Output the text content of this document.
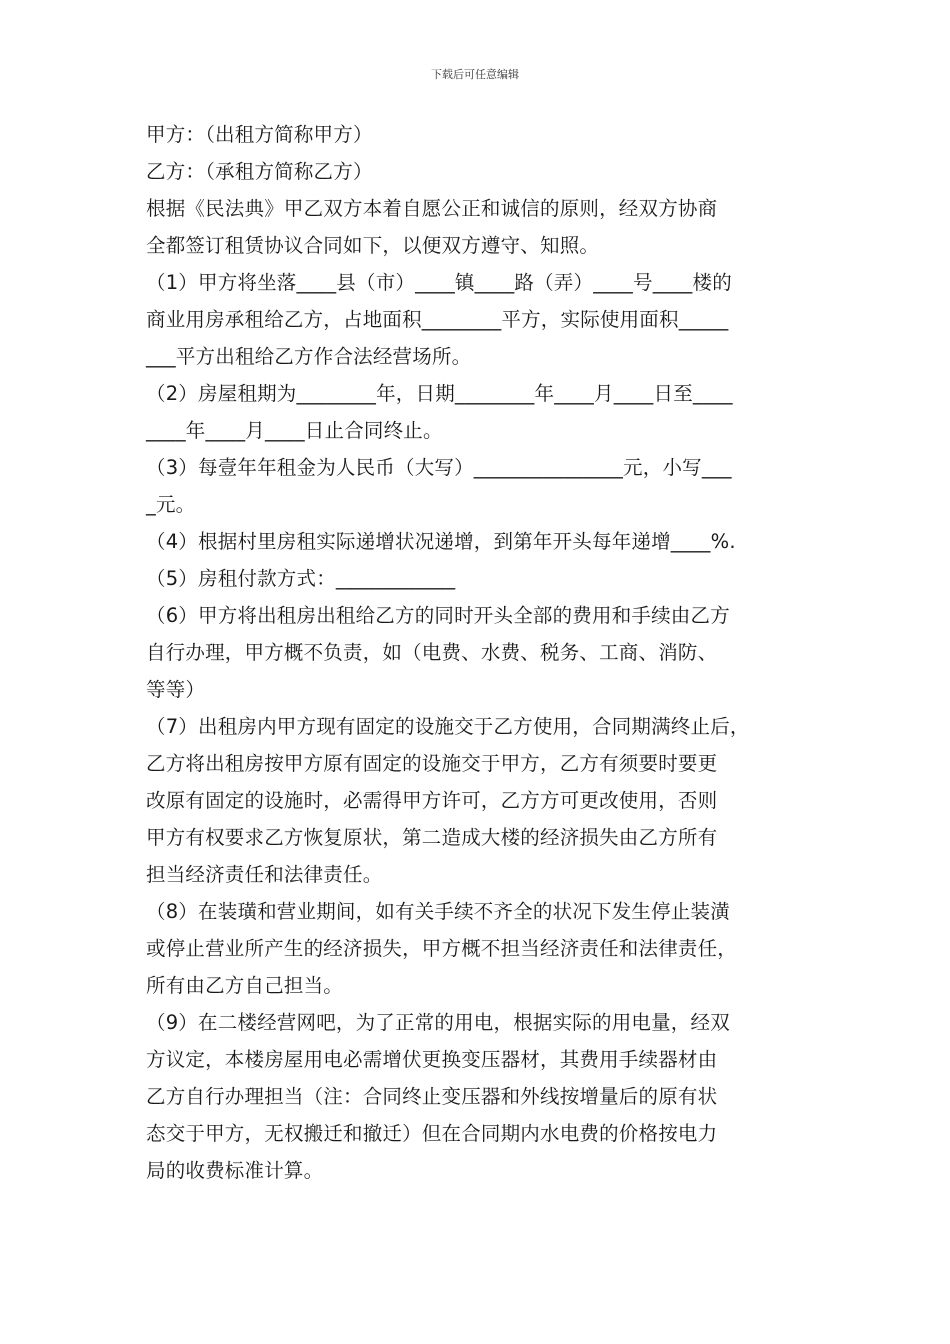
下载后可任意编辑
甲方：（出租方简称甲方）
乙方：（承租方简称乙方）
根据《民法典》甲乙双方本着自愿公正和诚信的原则，经双方协商
全都签订租赁协议合同如下，以便双方遵守、知照。
（1）甲方将坐落____县（市）____镇____路（弄）____号____楼的
商业用房承租给乙方，占地面积________平方，实际使用面积_____
___平方出租给乙方作合法经营场所。
（2）房屋租期为________年，日期________年____月____日至____
____年____月____日止合同终止。
（3）每壹年年租金为人民币（大写）_______________元，小写___
_元。
（4）根据村里房租实际递增状况递增，到第年开头每年递增____%.
（5）房租付款方式：____________
（6）甲方将出租房出租给乙方的同时开头全部的费用和手续由乙方
自行办理，甲方概不负责，如（电费、水费、税务、工商、消防、
等等）
（7）出租房内甲方现有固定的设施交于乙方使用，合同期满终止后，
乙方将出租房按甲方原有固定的设施交于甲方，乙方有须要时要更
改原有固定的设施时，必需得甲方许可，乙方方可更改使用，否则
甲方有权要求乙方恢复原状，第二造成大楼的经济损失由乙方所有
担当经济责任和法律责任。
（8）在装璜和营业期间，如有关手续不齐全的状况下发生停止装潢
或停止营业所产生的经济损失，甲方概不担当经济责任和法律责任，
所有由乙方自己担当。
（9）在二楼经营网吧，为了正常的用电，根据实际的用电量，经双
方议定，本楼房屋用电必需增伏更换变压器材，其费用手续器材由
乙方自行办理担当（注：合同终止变压器和外线按增量后的原有状
态交于甲方，无权搬迁和撤迁）但在合同期内水电费的价格按电力
局的收费标准计算。
